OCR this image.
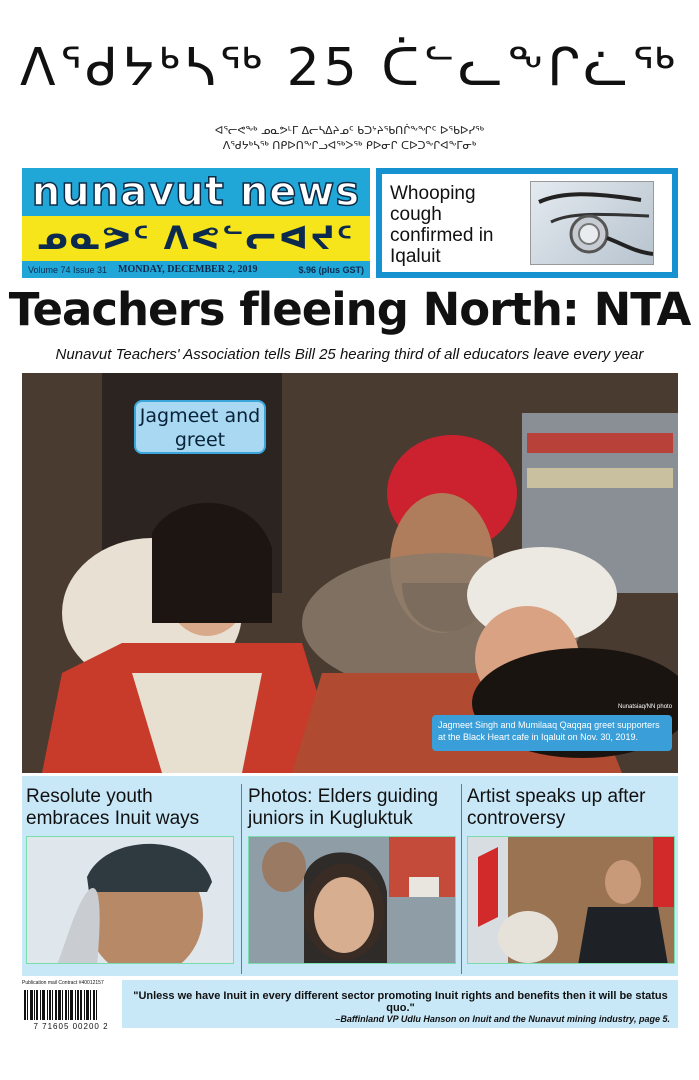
ᐱᕐᑯᔭᒃᓴᖅ 25 ᑖᓪᓚᖕᒋᓛᖅ
ᐊᕐᓕᕙᖕᒃ ᓄᓇᕗᒻᒥ ᐃᓕᓴᐃᔨᓄᑦ ᑲᑐᔾᔨᖃᑎᒌᖕᖏᑦ ᐅᖃᐅᓯᖅ
ᐱᕐᑯᔭᒃᓴᖅ ᑎᑭᐅᑎᖕᒋᓗᐊᖅᐳᖅ ᑭᐅᓂᒋ ᑕᐅᑐᖕᒋᐊᖕᒥᓂᒃ
nunavut news
ᓄᓇᕗᑦ ᐱᕙᓪᓕᐊᔪᑦ
Volume 74 Issue 31	MONDAY, DECEMBER 2, 2019	$.96 (plus GST)
Whooping cough confirmed in Iqaluit
Teachers fleeing North: NTA
Nunavut Teachers' Association tells Bill 25 hearing third of all educators leave every year
Jagmeet and greet
Nunatsiaq/NN photo
Jagmeet Singh and Mumilaaq Qaqqaq greet supporters at the Black Heart cafe in Iqaluit on Nov. 30, 2019.
Resolute youth embraces Inuit ways
Photos: Elders guiding juniors in Kugluktuk
Artist speaks up after controversy
Publication mail Contract #40012157
7 71605 00200 2
"Unless we have Inuit in every different sector promoting Inuit rights and benefits then it will be status quo."
–Baffinland VP Udlu Hanson on Inuit and the Nunavut mining industry, page 5.
